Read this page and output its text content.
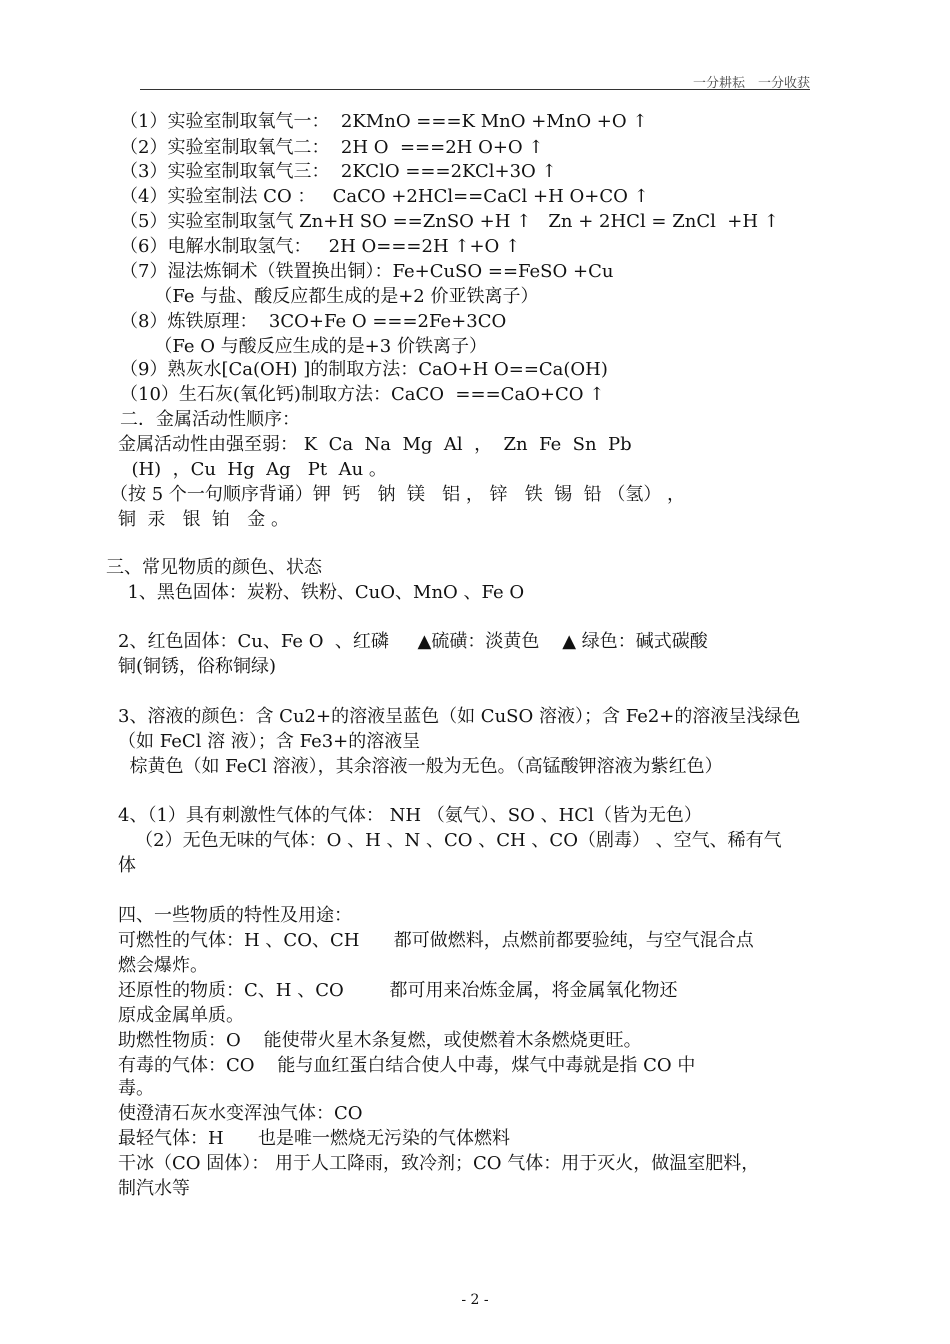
一分耕耘　一分收获
（1）实验室制取氧气一：  2KMnO ===K MnO +MnO +O ↑
（2）实验室制取氧气二：  2H O  ===2H O+O ↑
（3）实验室制取氧气三：  2KClO ===2KCl+3O ↑
（4）实验室制法 CO ：   CaCO +2HCl==CaCl +H O+CO ↑
（5）实验室制取氢气 Zn+H SO ==ZnSO +H ↑   Zn + 2HCl = ZnCl  +H ↑
（6）电解水制取氢气：   2H O===2H ↑+O ↑
（7）湿法炼铜术（铁置换出铜）：Fe+CuSO ==FeSO +Cu
（Fe 与盐、酸反应都生成的是+2 价亚铁离子）
（8）炼铁原理：  3CO+Fe O ===2Fe+3CO
（Fe O 与酸反应生成的是+3 价铁离子）
（9）熟灰水[Ca(OH) ]的制取方法：CaO+H O==Ca(OH)
（10）生石灰(氧化钙)制取方法：CaCO  ===CaO+CO ↑
二．金属活动性顺序：
金属活动性由强至弱： K  Ca  Na  Mg  Al  ，  Zn  Fe  Sn  Pb
(H)  ，Cu  Hg  Ag   Pt  Au 。
（按 5 个一句顺序背诵）钾  钙   钠  镁   铝 ， 锌   铁  锡  铅 （氢） ，
铜  汞   银  铂   金 。
三、常见物质的颜色、状态
1、黑色固体：炭粉、铁粉、CuO、MnO 、Fe O
2、红色固体：Cu、Fe O  、红磷     ▲硫磺：淡黄色    ▲ 绿色：碱式碳酸
铜(铜锈，俗称铜绿)
3、溶液的颜色：含 Cu2+的溶液呈蓝色（如 CuSO 溶液）；含 Fe2+的溶液呈浅绿色
（如 FeCl 溶 液）；含 Fe3+的溶液呈
棕黄色（如 FeCl 溶液），其余溶液一般为无色。（高锰酸钾溶液为紫红色）
4、（1）具有刺激性气体的气体： NH （氨气）、SO 、HCl（皆为无色）
（2）无色无味的气体：O 、H 、N 、CO 、CH 、CO（剧毒） 、空气、稀有气
体
四、一些物质的特性及用途：
可燃性的气体：H 、CO、CH      都可做燃料，点燃前都要验纯，与空气混合点
燃会爆炸。
还原性的物质：C、H 、CO        都可用来冶炼金属，将金属氧化物还
原成金属单质。
助燃性物质：O    能使带火星木条复燃，或使燃着木条燃烧更旺。
有毒的气体：CO    能与血红蛋白结合使人中毒，煤气中毒就是指 CO 中
毒。
使澄清石灰水变浑浊气体：CO
最轻气体：H      也是唯一燃烧无污染的气体燃料
干冰（CO 固体）： 用于人工降雨，致冷剂；CO 气体：用于灭火，做温室肥料，
制汽水等
- 2 -
